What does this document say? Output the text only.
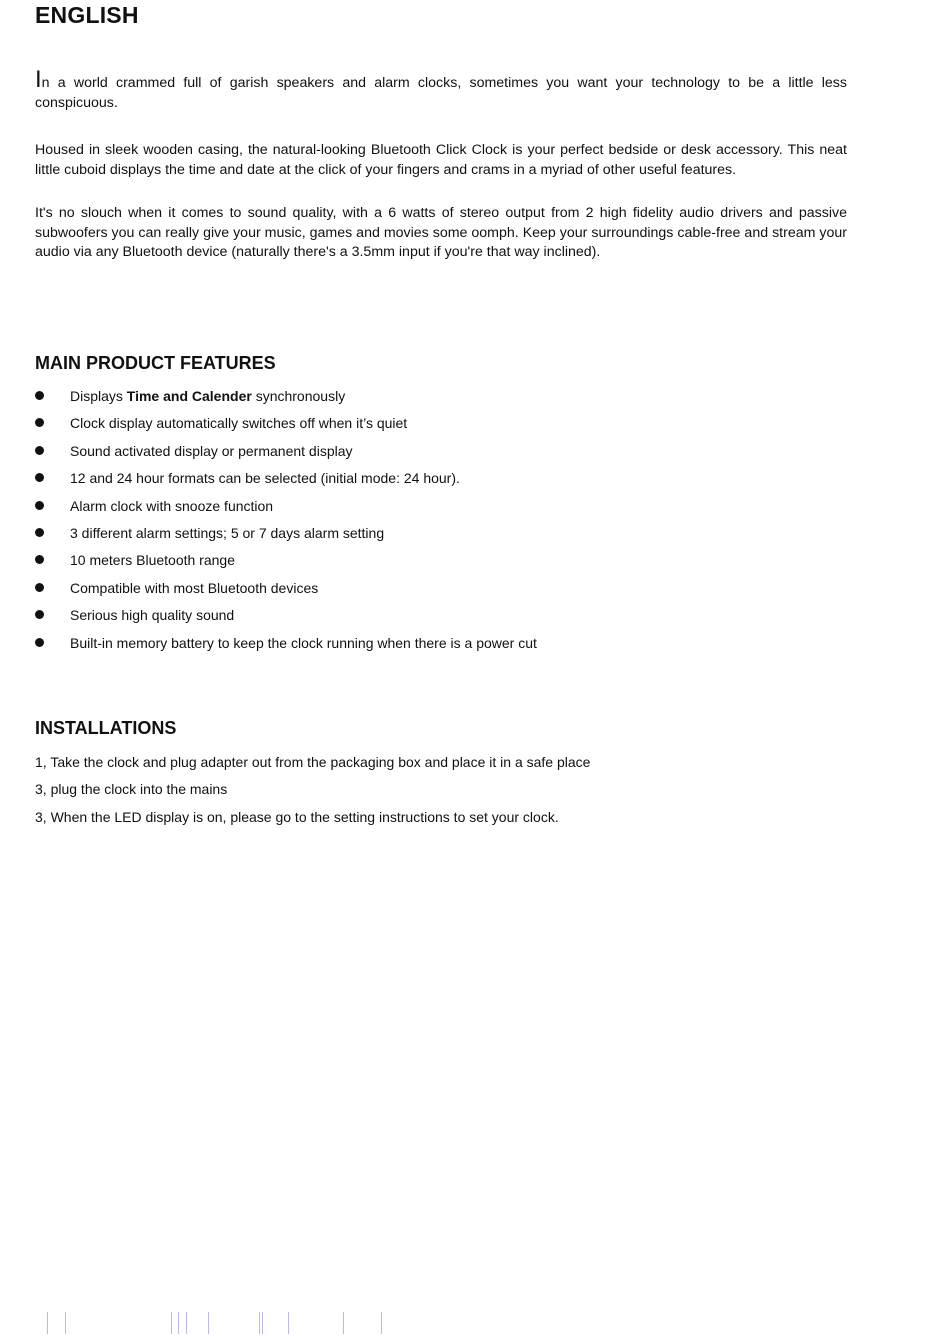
ENGLISH

In a world crammed full of garish speakers and alarm clocks, sometimes you want your technology to be a little less conspicuous.

Housed in sleek wooden casing, the natural-looking Bluetooth Click Clock is your perfect bedside or desk accessory. This neat little cuboid displays the time and date at the click of your fingers and crams in a myriad of other useful features.

It's no slouch when it comes to sound quality, with a 6 watts of stereo output from 2 high fidelity audio drivers and passive subwoofers you can really give your music, games and movies some oomph. Keep your surroundings cable-free and stream your audio via any Bluetooth device (naturally there's a 3.5mm input if you're that way inclined).

MAIN PRODUCT FEATURES
Displays Time and Calender synchronously
Clock display automatically switches off when it’s quiet
Sound activated display or permanent display
12 and 24 hour formats can be selected (initial mode: 24 hour).
Alarm clock with snooze function
3 different alarm settings; 5 or 7 days alarm setting
10 meters Bluetooth range
Compatible with most Bluetooth devices
Serious high quality sound
Built-in memory battery to keep the clock running when there is a power cut
INSTALLATIONS
1, Take the clock and plug adapter out from the packaging box and place it in a safe place
3, plug the clock into the mains
3, When the LED display is on, please go to the setting instructions to set your clock.
